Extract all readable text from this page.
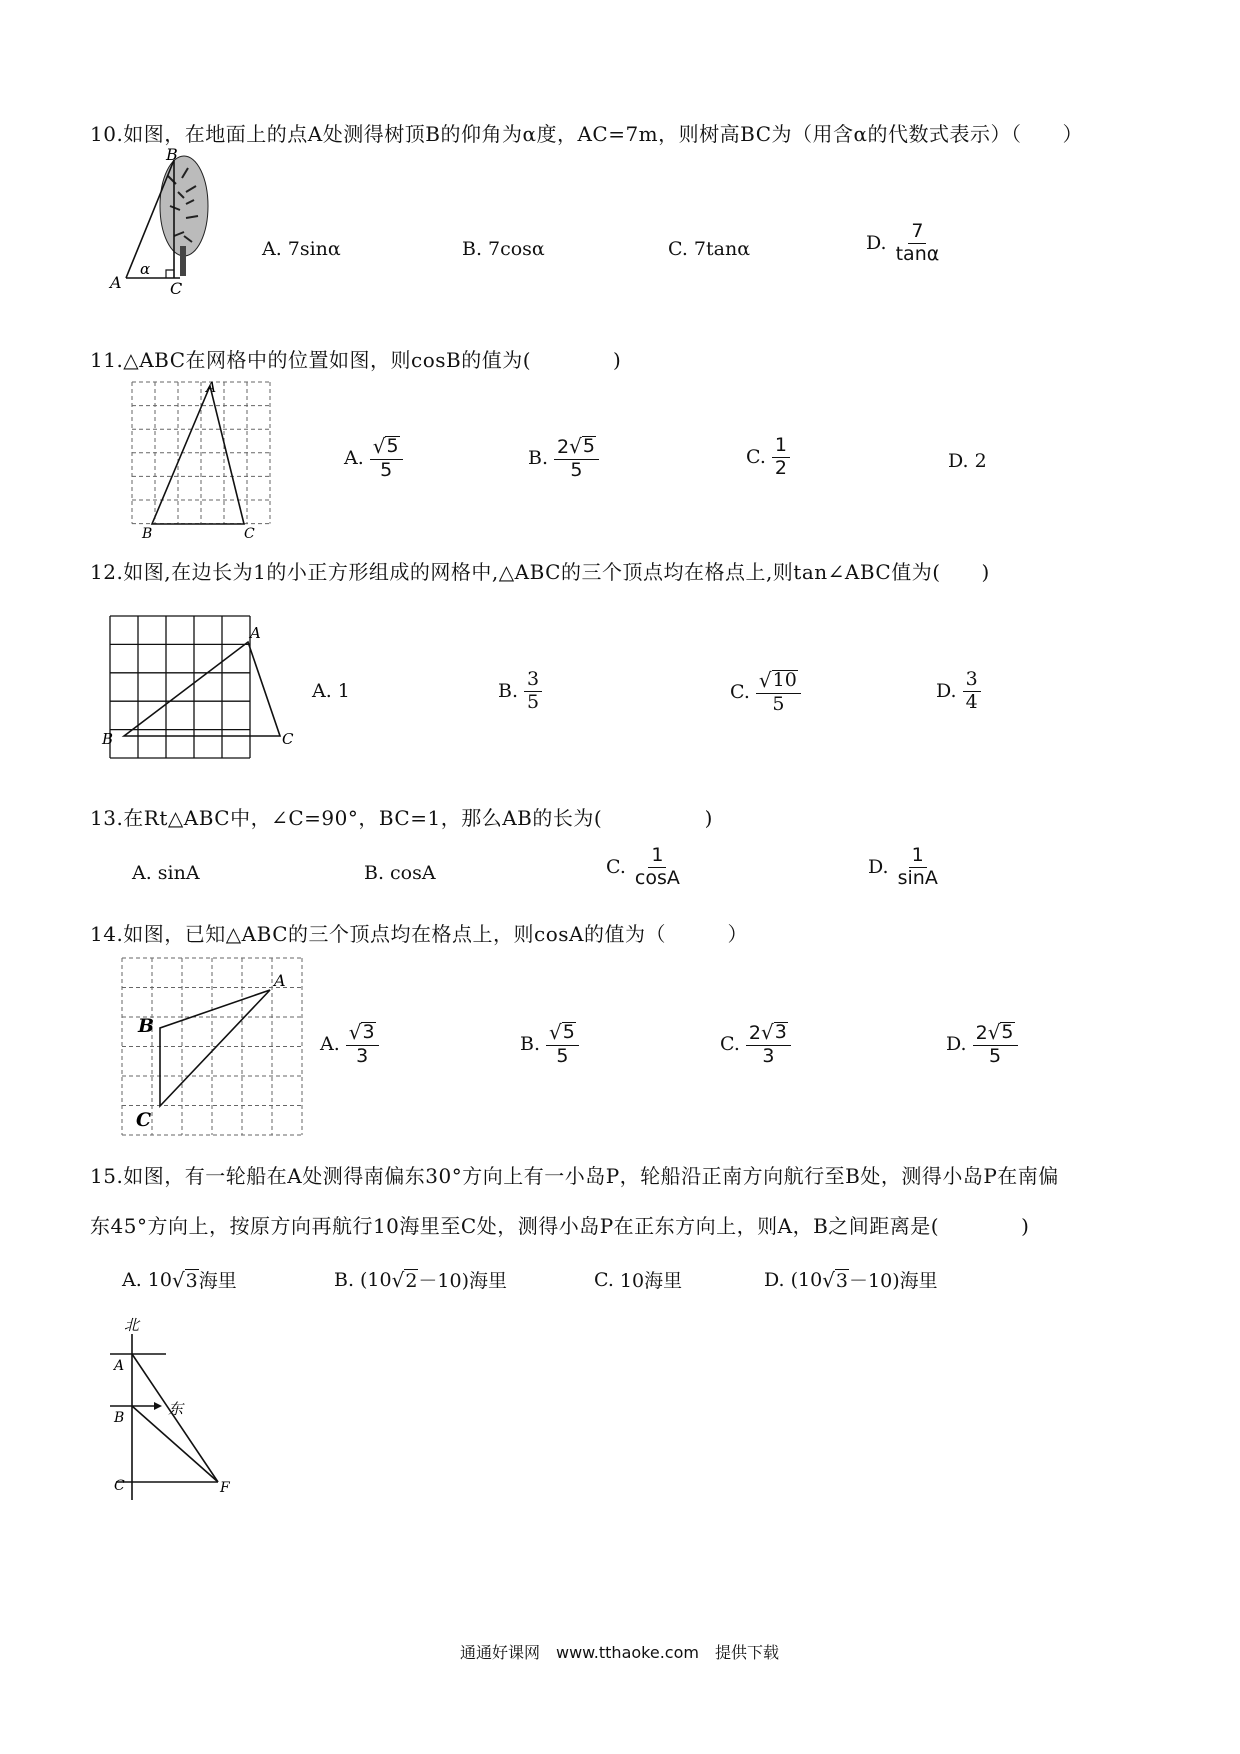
10.如图，在地面上的点A处测得树顶B的仰角为α度，AC=7m，则树高BC为（用含α的代数式表示）（　　）
B
A	C
α
A. 7sinα	B. 7cosα	C. 7tanα	D. $\frac{7}{\tan\alpha}$
11.△ABC在网格中的位置如图，则cosB的值为(　　　　)
A
B	C
A. $\frac{√ 5}{5}$	B. $\frac{2 √ 5}{5}$	C. $\frac{1}{2}$	D. 2
12.如图,在边长为1的小正方形组成的网格中,△ABC的三个顶点均在格点上,则tan∠ABC值为(　　)
A
B	C
A. 1	B. $\frac{3}{5}$	C. $\frac{√ 10}{5}$	D. $\frac{3}{4}$
13.在Rt△ABC中，∠C=90°，BC=1，那么AB的长为(　　　　　)
A. sinA	B. cosA	C. $\frac{1}{\cos A}$	D. $\frac{1}{\sin A}$
14.如图，已知△ABC的三个顶点均在格点上，则cosA的值为（　　　）
A
B
C
A. $\frac{√ 3}{3}$	B. $\frac{√ 5}{5}$	C. $\frac{2 √ 3}{3}$	D. $\frac{2 √ 5}{5}$
15.如图，有一轮船在A处测得南偏东30°方向上有一小岛P，轮船沿正南方向航行至B处，测得小岛P在南偏
东45°方向上，按原方向再航行10海里至C处，测得小岛P在正东方向上，则A，B之间距离是(　　　　)
A. 10 √ 3 海里	B. (10 √ 2 －10)海里	C. 10海里	D. (10 √ 3 －10)海里
北
东
A
B
C	F
通通好课网　www.tthaoke.com　提供下载
